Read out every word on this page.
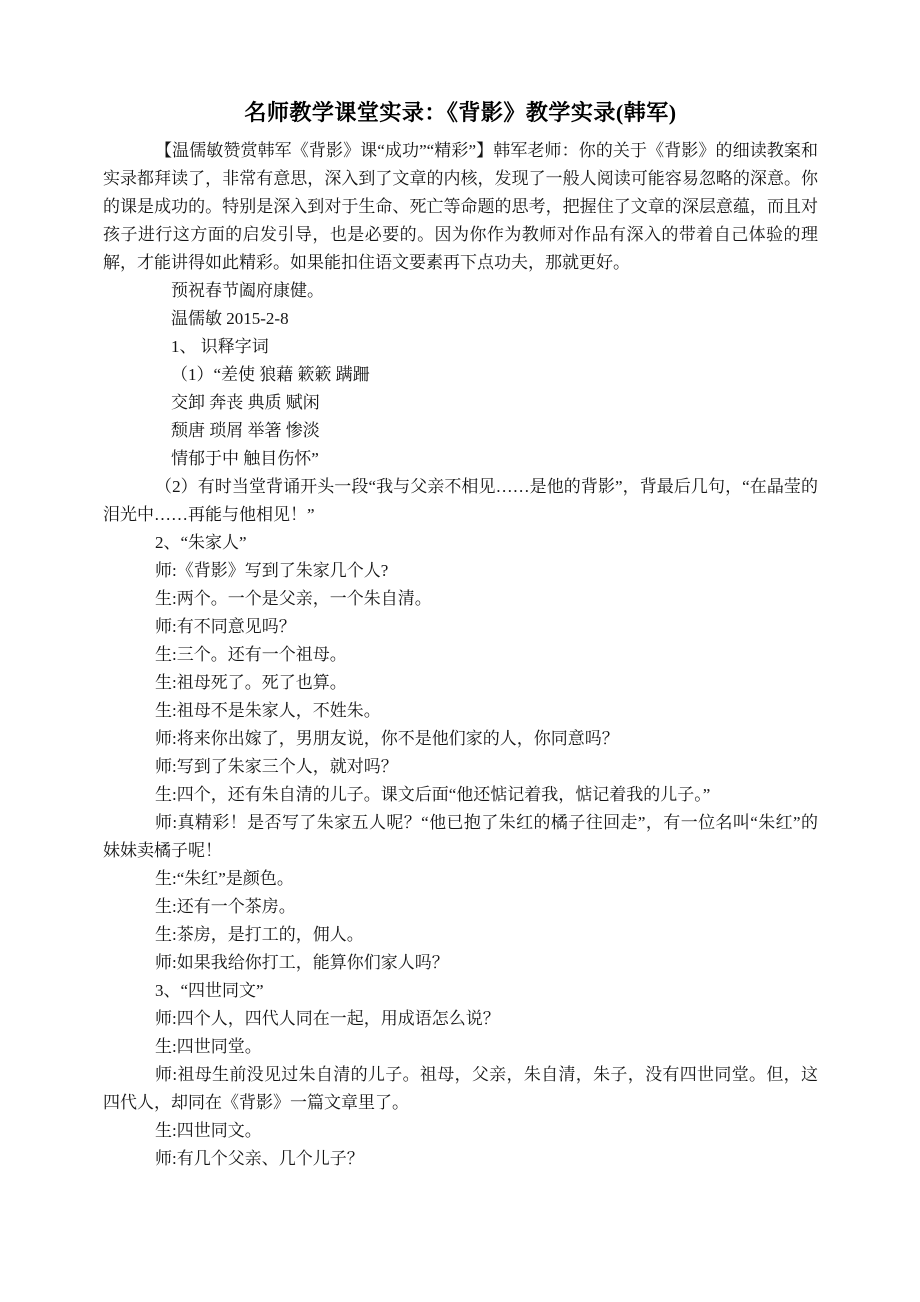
名师教学课堂实录：《背影》教学实录(韩军)

【温儒敏赞赏韩军《背影》课“成功”“精彩”】韩军老师：你的关于《背影》的细读教案和实录都拜读了，非常有意思，深入到了文章的内核，发现了一般人阅读可能容易忽略的深意。你的课是成功的。特别是深入到对于生命、死亡等命题的思考，把握住了文章的深层意蕴，而且对孩子进行这方面的启发引导，也是必要的。因为你作为教师对作品有深入的带着自己体验的理解，才能讲得如此精彩。如果能扣住语文要素再下点功夫，那就更好。

预祝春节阖府康健。

温儒敏 2015-2-8

1、 识释字词

（1）“差使 狼藉 簌簌 蹒跚

交卸 奔丧 典质 赋闲

颓唐 琐屑 举箸 惨淡

情郁于中 触目伤怀”

（2）有时当堂背诵开头一段“我与父亲不相见……是他的背影”，背最后几句，“在晶莹的泪光中……再能与他相见！”

2、“朱家人”

师:《背影》写到了朱家几个人?

生:两个。一个是父亲，一个朱自清。

师:有不同意见吗？

生:三个。还有一个祖母。

生:祖母死了。死了也算。

生:祖母不是朱家人，不姓朱。

师:将来你出嫁了，男朋友说，你不是他们家的人，你同意吗？

师:写到了朱家三个人，就对吗？

生:四个，还有朱自清的儿子。课文后面“他还惦记着我，惦记着我的儿子。”

师:真精彩！是否写了朱家五人呢？“他已抱了朱红的橘子往回走”，有一位名叫“朱红”的妹妹卖橘子呢！

生:“朱红”是颜色。

生:还有一个茶房。

生:茶房，是打工的，佣人。

师:如果我给你打工，能算你们家人吗？

3、“四世同文”

师:四个人，四代人同在一起，用成语怎么说？

生:四世同堂。

师:祖母生前没见过朱自清的儿子。祖母，父亲，朱自清，朱子，没有四世同堂。但，这四代人，却同在《背影》一篇文章里了。

生:四世同文。

师:有几个父亲、几个儿子？
